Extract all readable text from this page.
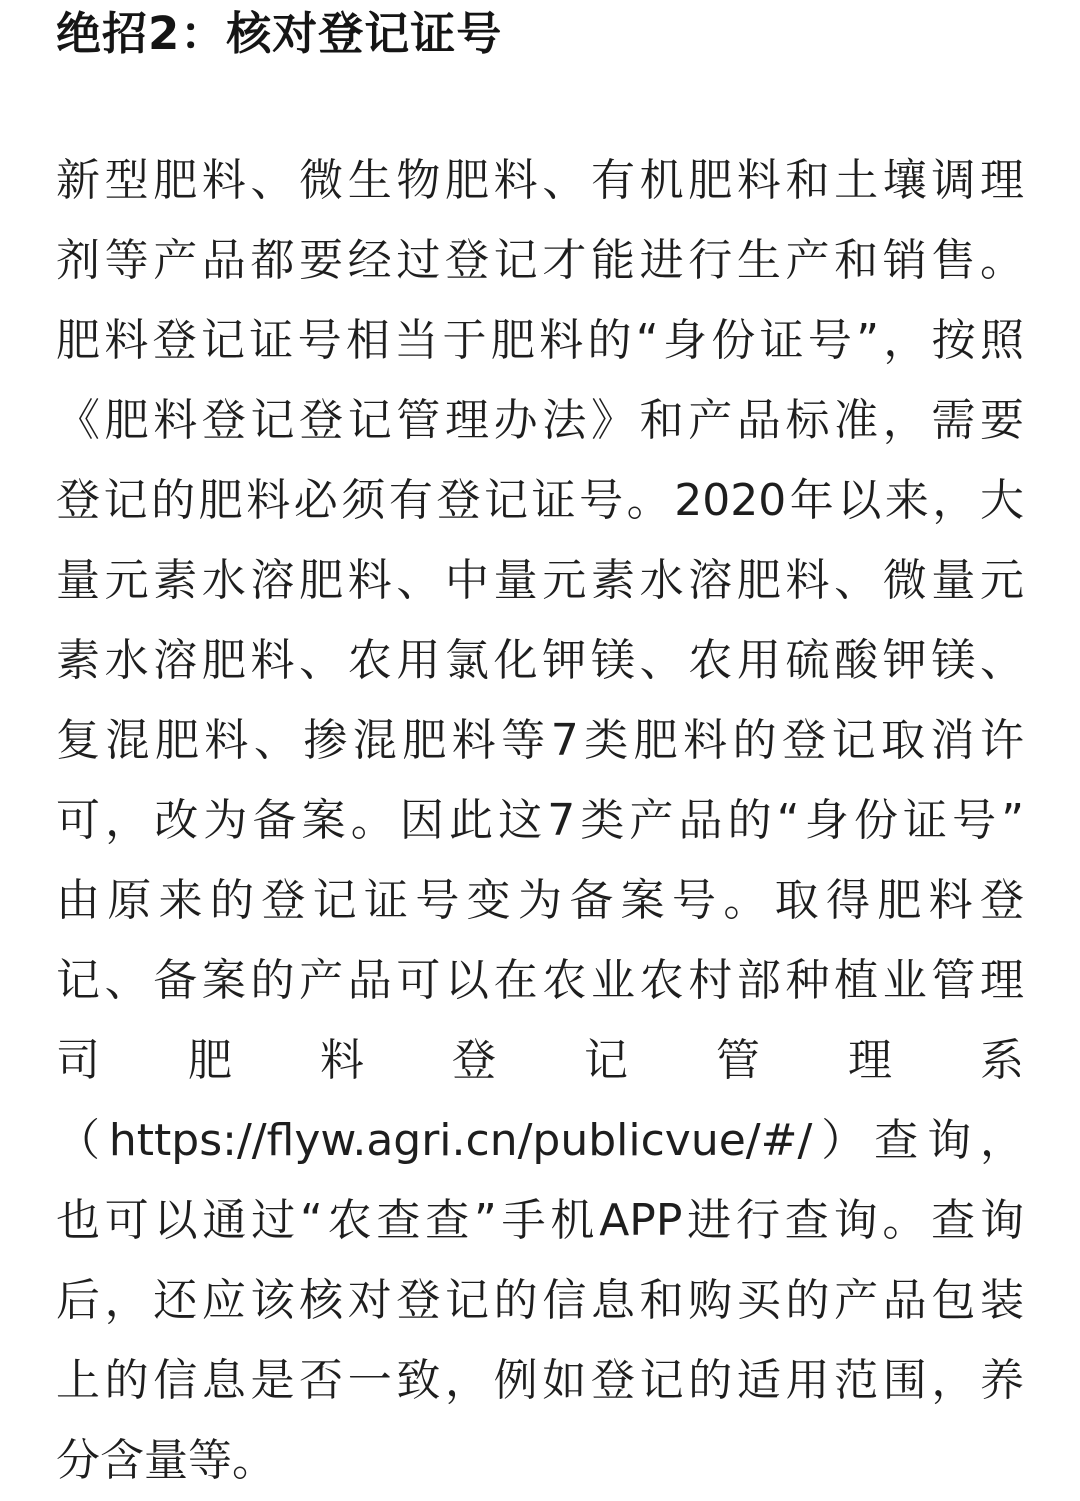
绝招2：核对登记证号
新型肥料、微生物肥料、有机肥料和土壤调理
剂等产品都要经过登记才能进行生产和销售。
肥料登记证号相当于肥料的“身份证号”，按照
《肥料登记登记管理办法》和产品标准，需要
登记的肥料必须有登记证号。2020年以来，大
量元素水溶肥料、中量元素水溶肥料、微量元
素水溶肥料、农用氯化钾镁、农用硫酸钾镁、
复混肥料、掺混肥料等7类肥料的登记取消许
可，改为备案。因此这7类产品的“身份证号”
由原来的登记证号变为备案号。取得肥料登
记、备案的产品可以在农业农村部种植业管理
司　　肥　　料　　登　　记　　管　　理　　系
（https://flyw.agri.cn/publicvue/#/）查询，
也可以通过“农查查”手机APP进行查询。查询
后，还应该核对登记的信息和购买的产品包装
上的信息是否一致，例如登记的适用范围，养
分含量等。
